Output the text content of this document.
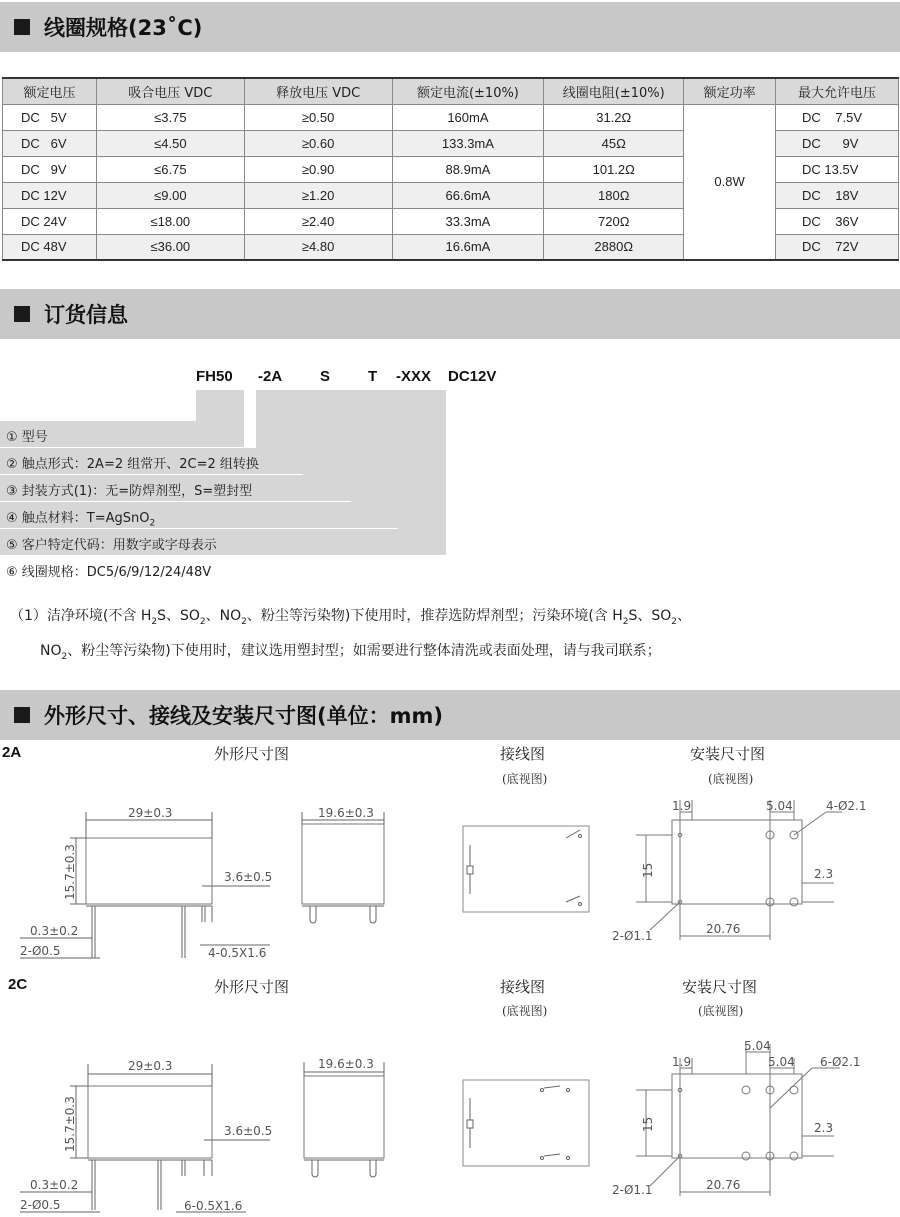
线圈规格(23˚C)
额定电压	吸合电压 VDC	释放电压 VDC	额定电流(±10%)	线圈电阻(±10%)	额定功率	最大允许电压
DC   5V	≤3.75	≥0.50	160mA	31.2Ω	0.8W	DC    7.5V
DC   6V	≤4.50	≥0.60	133.3mA	45Ω		DC      9V
DC   9V	≤6.75	≥0.90	88.9mA	101.2Ω		DC 13.5V
DC 12V	≤9.00	≥1.20	66.6mA	180Ω		DC    18V
DC 24V	≤18.00	≥2.40	33.3mA	720Ω		DC    36V
DC 48V	≤36.00	≥4.80	16.6mA	2880Ω		DC    72V
订货信息
FH50 -2A	S	T -XXX DC12V
① 型号
② 触点形式：2A=2 组常开、2C=2 组转换
③ 封装方式(1)：无=防焊剂型，S=塑封型
④ 触点材料：T=AgSnO$_2$
⑤ 客户特定代码：用数字或字母表示
⑥ 线圈规格：DC5/6/9/12/24/48V
（1）洁净环境(不含 $H_2S$、$SO_2$、$NO_2$、粉尘等污染物)下使用时，推荐选防焊剂型；污染环境(含 $H_2S$、$SO_2$、
$NO_2$、粉尘等污染物)下使用时，建议选用塑封型；如需要进行整体清洗或表面处理，请与我司联系；
外形尺寸、接线及安装尺寸图(单位：mm)
2A	外形尺寸图	接线图
(底视图)
安装尺寸图
(底视图)
2C	外形尺寸图	接线图
(底视图)
安装尺寸图
(底视图)
29±0.3
15.7±0.3	3.6±0.5
0.3±0.2
2-Ø0.5	4-0.5X1.6
19.6±0.3	1.9	5.04	4-Ø2.1
15	2.3
2-Ø1.1	20.76
29±0.3
15.7±0.3	3.6±0.5
0.3±0.2
2-Ø0.5	6-0.5X1.6
19.6±0.3	1.9
5.04
5.04 6-Ø2.1
15	2.3
2-Ø1.1	20.76
